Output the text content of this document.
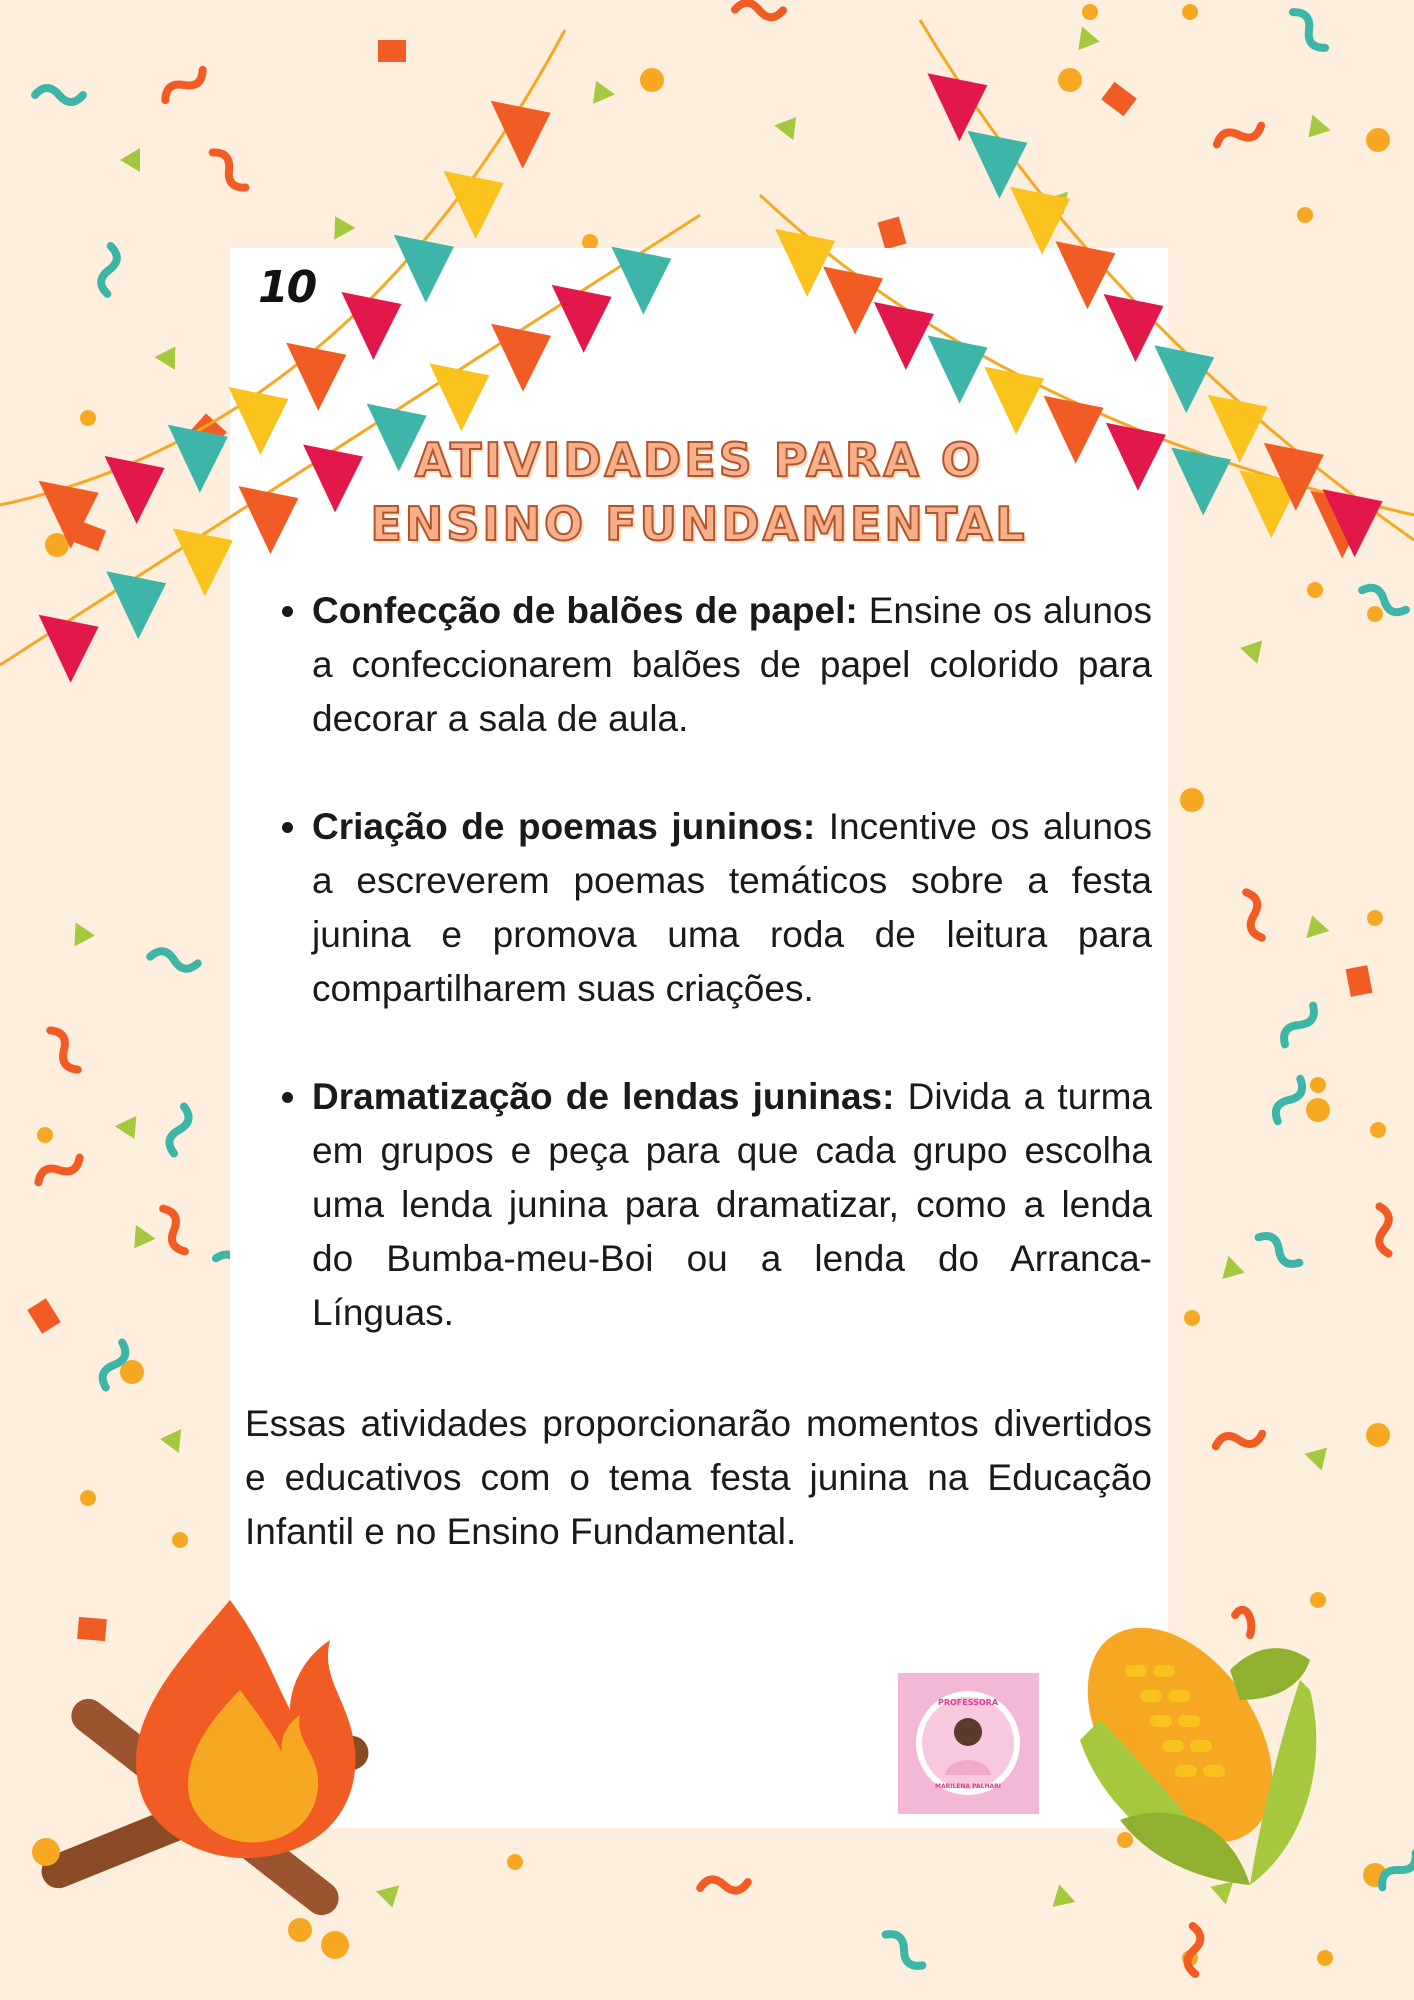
10
ATIVIDADES PARA O
ENSINO FUNDAMENTAL
Confecção de balões de papel: Ensine os alunos a confeccionarem balões de papel colorido para decorar a sala de aula.
Criação de poemas juninos: Incentive os alunos a escreverem poemas temáticos sobre a festa junina e promova uma roda de leitura para compartilharem suas criações.
Dramatização de lendas juninas: Divida a turma em grupos e peça para que cada grupo escolha uma lenda junina para dramatizar, como a lenda do Bumba-meu-Boi ou a lenda do Arranca-Línguas.

Essas atividades proporcionarão momentos divertidos e educativos com o tema festa junina na Educação Infantil e no Ensino Fundamental.

PROFESSORA
MARILENA PALHARI
